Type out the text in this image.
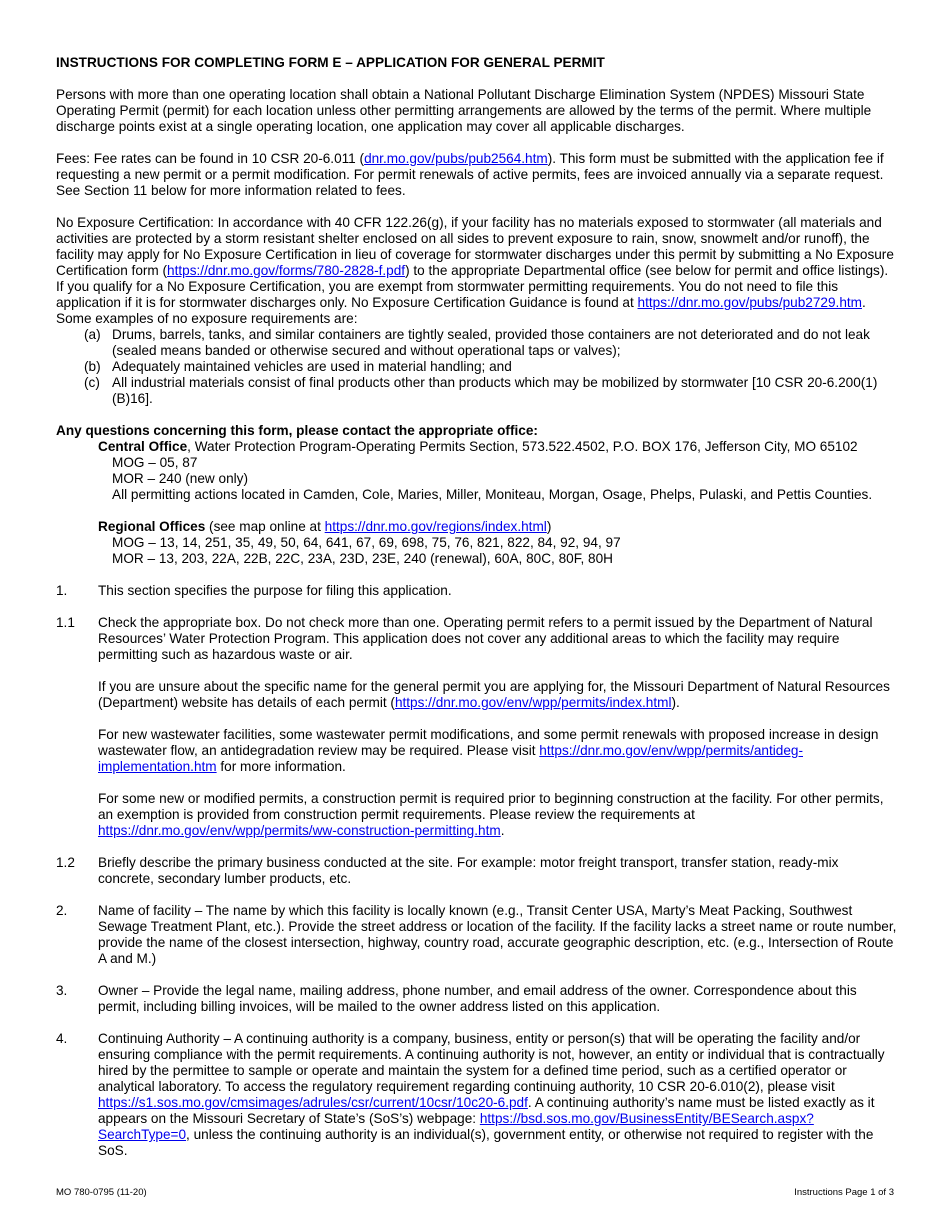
INSTRUCTIONS FOR COMPLETING FORM E – APPLICATION FOR GENERAL PERMIT

Persons with more than one operating location shall obtain a National Pollutant Discharge Elimination System (NPDES) Missouri State Operating Permit (permit) for each location unless other permitting arrangements are allowed by the terms of the permit. Where multiple discharge points exist at a single operating location, one application may cover all applicable discharges.

Fees: Fee rates can be found in 10 CSR 20-6.011 (dnr.mo.gov/pubs/pub2564.htm). This form must be submitted with the application fee if requesting a new permit or a permit modification. For permit renewals of active permits, fees are invoiced annually via a separate request. See Section 11 below for more information related to fees.

No Exposure Certification: In accordance with 40 CFR 122.26(g), if your facility has no materials exposed to stormwater (all materials and activities are protected by a storm resistant shelter enclosed on all sides to prevent exposure to rain, snow, snowmelt and/or runoff), the facility may apply for No Exposure Certification in lieu of coverage for stormwater discharges under this permit by submitting a No Exposure Certification form (https://dnr.mo.gov/forms/780-2828-f.pdf) to the appropriate Departmental office (see below for permit and office listings). If you qualify for a No Exposure Certification, you are exempt from stormwater permitting requirements. You do not need to file this application if it is for stormwater discharges only. No Exposure Certification Guidance is found at https://dnr.mo.gov/pubs/pub2729.htm. Some examples of no exposure requirements are:

(a) Drums, barrels, tanks, and similar containers are tightly sealed, provided those containers are not deteriorated and do not leak (sealed means banded or otherwise secured and without operational taps or valves);
(b) Adequately maintained vehicles are used in material handling; and
(c) All industrial materials consist of final products other than products which may be mobilized by stormwater [10 CSR 20-6.200(1)(B)16].

Any questions concerning this form, please contact the appropriate office:

Central Office, Water Protection Program-Operating Permits Section, 573.522.4502, P.O. BOX 176, Jefferson City, MO 65102

MOG – 05, 87

MOR – 240 (new only)

All permitting actions located in Camden, Cole, Maries, Miller, Moniteau, Morgan, Osage, Phelps, Pulaski, and Pettis Counties.

Regional Offices (see map online at https://dnr.mo.gov/regions/index.html)

MOG – 13, 14, 251, 35, 49, 50, 64, 641, 67, 69, 698, 75, 76, 821, 822, 84, 92, 94, 97

MOR – 13, 203, 22A, 22B, 22C, 23A, 23D, 23E, 240 (renewal), 60A, 80C, 80F, 80H

1.	This section specifies the purpose for filing this application.

1.1	Check the appropriate box. Do not check more than one. Operating permit refers to a permit issued by the Department of Natural Resources’ Water Protection Program. This application does not cover any additional areas to which the facility may require permitting such as hazardous waste or air.

If you are unsure about the specific name for the general permit you are applying for, the Missouri Department of Natural Resources (Department) website has details of each permit (https://dnr.mo.gov/env/wpp/permits/index.html).

For new wastewater facilities, some wastewater permit modifications, and some permit renewals with proposed increase in design wastewater flow, an antidegradation review may be required. Please visit https://dnr.mo.gov/env/wpp/permits/antideg-implementation.htm for more information.

For some new or modified permits, a construction permit is required prior to beginning construction at the facility. For other permits, an exemption is provided from construction permit requirements. Please review the requirements at https://dnr.mo.gov/env/wpp/permits/ww-construction-permitting.htm.

1.2	Briefly describe the primary business conducted at the site. For example: motor freight transport, transfer station, ready-mix concrete, secondary lumber products, etc.

2.	Name of facility – The name by which this facility is locally known (e.g., Transit Center USA, Marty’s Meat Packing, Southwest Sewage Treatment Plant, etc.). Provide the street address or location of the facility. If the facility lacks a street name or route number, provide the name of the closest intersection, highway, country road, accurate geographic description, etc. (e.g., Intersection of Route A and M.)

3.	Owner – Provide the legal name, mailing address, phone number, and email address of the owner. Correspondence about this permit, including billing invoices, will be mailed to the owner address listed on this application.

4.	Continuing Authority – A continuing authority is a company, business, entity or person(s) that will be operating the facility and/or ensuring compliance with the permit requirements. A continuing authority is not, however, an entity or individual that is contractually hired by the permittee to sample or operate and maintain the system for a defined time period, such as a certified operator or analytical laboratory. To access the regulatory requirement regarding continuing authority, 10 CSR 20-6.010(2), please visit https://s1.sos.mo.gov/cmsimages/adrules/csr/current/10csr/10c20-6.pdf. A continuing authority’s name must be listed exactly as it appears on the Missouri Secretary of State’s (SoS’s) webpage: https://bsd.sos.mo.gov/BusinessEntity/BESearch.aspx?SearchType=0, unless the continuing authority is an individual(s), government entity, or otherwise not required to register with the SoS.

MO 780-0795 (11-20)	Instructions Page 1 of 3
